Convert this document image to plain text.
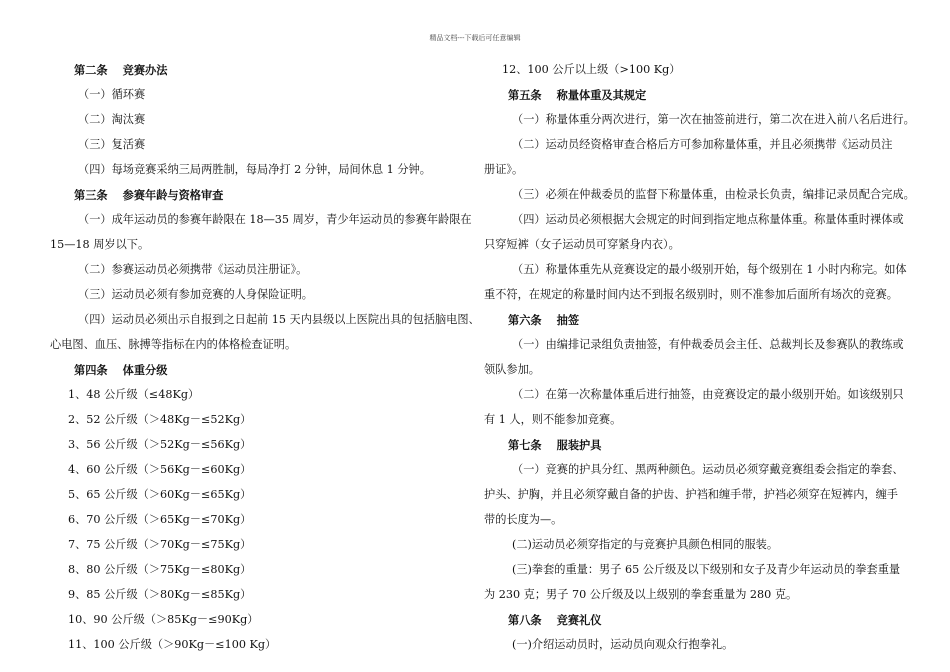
精品文档---下载后可任意编辑
第二条　 竞赛办法
（一）循环赛
（二）淘汰赛
（三）复活赛
（四）每场竞赛采纳三局两胜制，每局净打 2 分钟，局间休息 1 分钟。
第三条　 参赛年龄与资格审查
（一）成年运动员的参赛年龄限在 18—35 周岁，青少年运动员的参赛年龄限在
15—18 周岁以下。
（二）参赛运动员必须携带《运动员注册证》。
（三）运动员必须有参加竞赛的人身保险证明。
（四）运动员必须出示自报到之日起前 15 天内县级以上医院出具的包括脑电图、
心电图、血压、脉搏等指标在内的体格检查证明。
第四条　 体重分级
1、48 公斤级（≤48Kg）
2、52 公斤级（＞48Kg－≤52Kg）
3、56 公斤级（＞52Kg－≤56Kg）
4、60 公斤级（＞56Kg－≤60Kg）
5、65 公斤级（＞60Kg－≤65Kg）
6、70 公斤级（＞65Kg－≤70Kg）
7、75 公斤级（＞70Kg－≤75Kg）
8、80 公斤级（＞75Kg－≤80Kg）
9、85 公斤级（＞80Kg－≤85Kg）
10、90 公斤级（＞85Kg－≤90Kg）
11、100 公斤级（＞90Kg－≤100 Kg）
12、100 公斤以上级（>100 Kg）
第五条　 称量体重及其规定
（一）称量体重分两次进行，第一次在抽签前进行，第二次在进入前八名后进行。
（二）运动员经资格审查合格后方可参加称量体重，并且必须携带《运动员注
册证》。
（三）必须在仲裁委员的监督下称量体重，由检录长负责，编排记录员配合完成。
（四）运动员必须根据大会规定的时间到指定地点称量体重。称量体重时裸体或
只穿短裤（女子运动员可穿紧身内衣）。
（五）称量体重先从竞赛设定的最小级别开始，每个级别在 1 小时内称完。如体
重不符，在规定的称量时间内达不到报名级别时，则不准参加后面所有场次的竞赛。
第六条　 抽签
（一）由编排记录组负责抽签，有仲裁委员会主任、总裁判长及参赛队的教练或
领队参加。
（二）在第一次称量体重后进行抽签，由竞赛设定的最小级别开始。如该级别只
有 1 人，则不能参加竞赛。
第七条　 服装护具
（一）竞赛的护具分红、黑两种颜色。运动员必须穿戴竞赛组委会指定的拳套、
护头、护胸，并且必须穿戴自备的护齿、护裆和缠手带，护裆必须穿在短裤内，缠手
带的长度为—。
(二)运动员必须穿指定的与竞赛护具颜色相同的服装。
(三)拳套的重量：男子 65 公斤级及以下级别和女子及青少年运动员的拳套重量
为 230 克；男子 70 公斤级及以上级别的拳套重量为 280 克。
第八条　 竞赛礼仪
(一)介绍运动员时，运动员向观众行抱拳礼。
